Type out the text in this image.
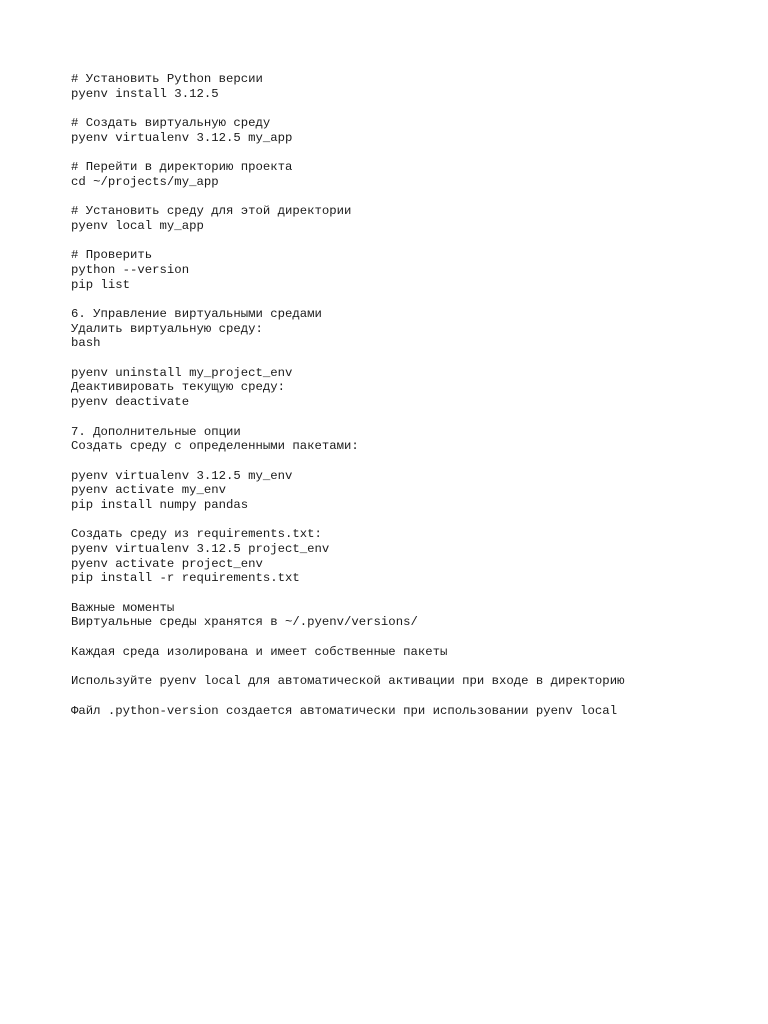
# Установить Python версии
pyenv install 3.12.5
# Создать виртуальную среду
pyenv virtualenv 3.12.5 my_app
# Перейти в директорию проекта
cd ~/projects/my_app
# Установить среду для этой директории
pyenv local my_app
# Проверить
python --version
pip list
6. Управление виртуальными средами
Удалить виртуальную среду:
bash
pyenv uninstall my_project_env
Деактивировать текущую среду:
pyenv deactivate
7. Дополнительные опции
Создать среду с определенными пакетами:
pyenv virtualenv 3.12.5 my_env
pyenv activate my_env
pip install numpy pandas
Создать среду из requirements.txt:
pyenv virtualenv 3.12.5 project_env
pyenv activate project_env
pip install -r requirements.txt
Важные моменты
Виртуальные среды хранятся в ~/.pyenv/versions/
Каждая среда изолирована и имеет собственные пакеты
Используйте pyenv local для автоматической активации при входе в директорию
Файл .python-version создается автоматически при использовании pyenv local
